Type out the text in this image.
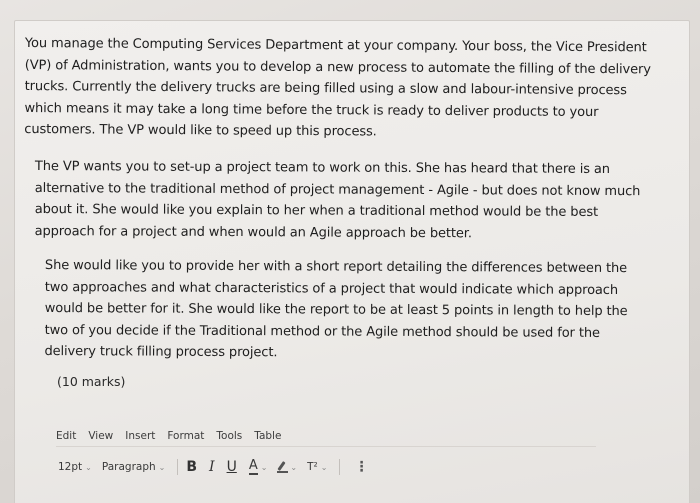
You manage the Computing Services Department at your company. Your boss, the Vice President (VP) of Administration, wants you to develop a new process to automate the filling of the delivery trucks. Currently the delivery trucks are being filled using a slow and labour-intensive process which means it may take a long time before the truck is ready to deliver products to your customers. The VP would like to speed up this process.

The VP wants you to set-up a project team to work on this. She has heard that there is an alternative to the traditional method of project management - Agile - but does not know much about it. She would like you explain to her when a traditional method would be the best approach for a project and when would an Agile approach be better.

She would like you to provide her with a short report detailing the differences between the two approaches and what characteristics of a project that would indicate which approach would be better for it. She would like the report to be at least 5 points in length to help the two of you decide if the Traditional method or the Agile method should be used for the delivery truck filling process project.

(10 marks)
Edit View Insert Format Tools Table
12pt ⌄ Paragraph ⌄ B I U A ⌄	⌄ T² ⌄ ⋮
